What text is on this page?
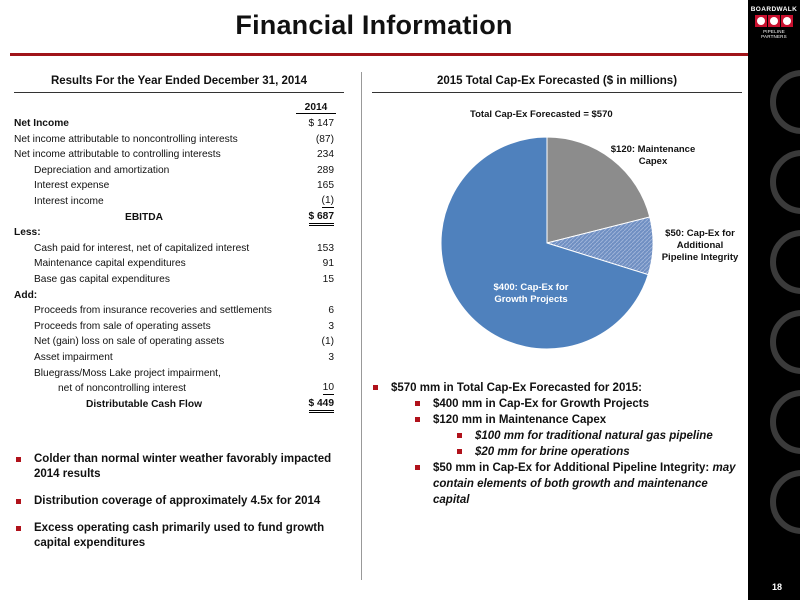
Financial Information
BOARDWALK
PIPELINE PARTNERS
18
Results For the Year Ended December 31, 2014
2014
Net Income	$ 147
Net income attributable to noncontrolling interests	(87)
Net income attributable to controlling interests	234
Depreciation and amortization	289
Interest expense	165
Interest income	(1)
EBITDA	$ 687
Less:
Cash paid for interest, net of capitalized interest	153
Maintenance capital expenditures	91
Base gas capital expenditures	15
Add:
Proceeds from insurance recoveries and settlements	6
Proceeds from sale of operating assets	3
Net (gain) loss on sale of operating assets	(1)
Asset impairment	3
Bluegrass/Moss Lake project impairment,
net of noncontrolling interest	10
Distributable Cash Flow	$ 449
Colder than normal winter weather favorably impacted 2014 results
Distribution coverage of approximately 4.5x for 2014
Excess operating cash primarily used to fund growth capital expenditures
2015 Total Cap-Ex Forecasted ($ in millions)
Total Cap-Ex Forecasted = $570
$120: Maintenance
Capex
$50: Cap-Ex for
Additional
Pipeline Integrity
$400: Cap-Ex for
Growth Projects
$570 mm in Total Cap-Ex Forecasted for 2015:
$400 mm in Cap-Ex for Growth Projects
$120 mm in Maintenance Capex
$100 mm for traditional natural gas pipeline
$20 mm for brine operations
$50 mm in Cap-Ex for Additional Pipeline Integrity: may contain elements of both growth and maintenance capital
